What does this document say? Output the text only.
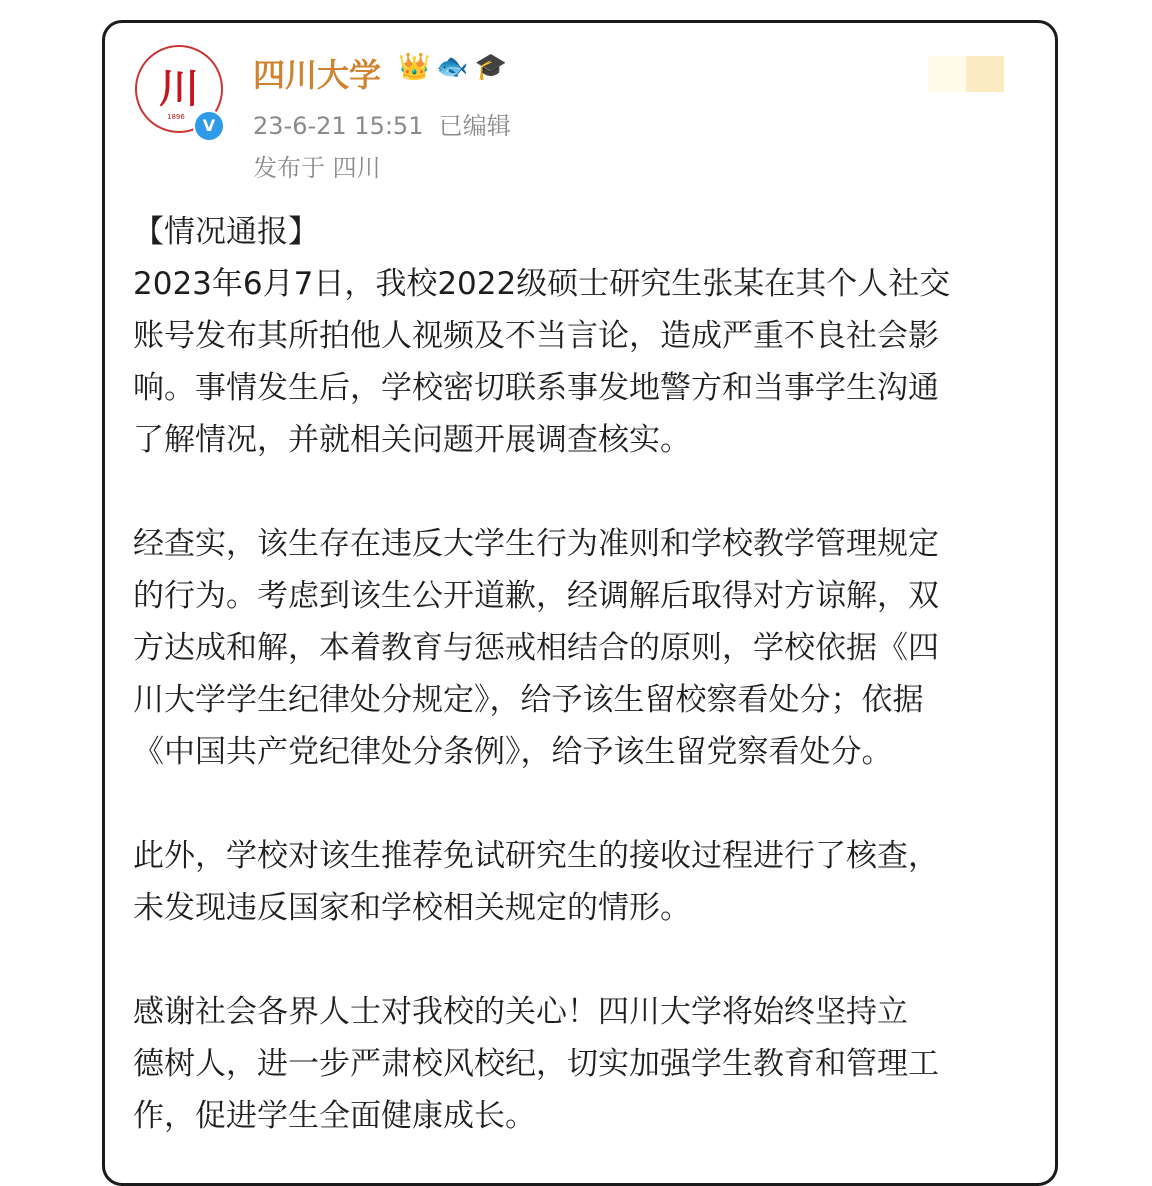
川
1896	V
四川大学 👑 🐟 🎓
23-6-21 15:51 已编辑
发布于 四川
【情况通报】
2023年6月7日，我校2022级硕士研究生张某在其个人社交
账号发布其所拍他人视频及不当言论，造成严重不良社会影
响。事情发生后，学校密切联系事发地警方和当事学生沟通
了解情况，并就相关问题开展调查核实。
经查实，该生存在违反大学生行为准则和学校教学管理规定
的行为。考虑到该生公开道歉，经调解后取得对方谅解，双
方达成和解，本着教育与惩戒相结合的原则，学校依据《四
川大学学生纪律处分规定》，给予该生留校察看处分；依据
《中国共产党纪律处分条例》，给予该生留党察看处分。
此外，学校对该生推荐免试研究生的接收过程进行了核查，
未发现违反国家和学校相关规定的情形。
感谢社会各界人士对我校的关心！四川大学将始终坚持立
德树人，进一步严肃校风校纪，切实加强学生教育和管理工
作，促进学生全面健康成长。
